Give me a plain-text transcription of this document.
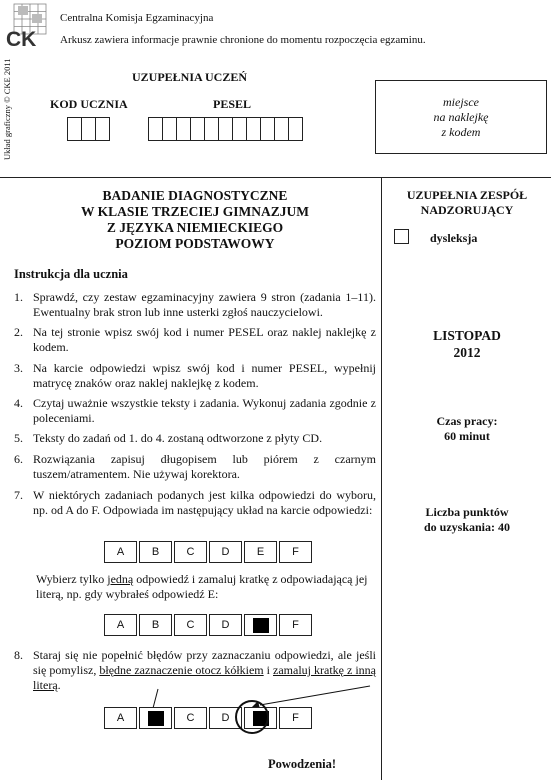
CK
Centralna Komisja Egzaminacyjna
Arkusz zawiera informacje prawnie chronione do momentu rozpoczęcia egzaminu.
Układ graficzny © CKE 2011	UZUPEŁNIA UCZEŃ
KOD UCZNIA	PESEL	miejsce
na naklejkę
z kodem
BADANIE DIAGNOSTYCZNE
W KLASIE TRZECIEJ GIMNAZJUM
Z JĘZYKA NIEMIECKIEGO
POZIOM PODSTAWOWY
UZUPEŁNIA ZESPÓŁ
NADZORUJĄCY
dysleksja
LISTOPAD
2012
Czas pracy:
60 minut
Liczba punktów
do uzyskania: 40
Instrukcja dla ucznia
1. Sprawdź, czy zestaw egzaminacyjny zawiera 9 stron (zadania 1–11). Ewentualny brak stron lub inne usterki zgłoś nauczycielowi.
2. Na tej stronie wpisz swój kod i numer PESEL oraz naklej naklejkę z kodem.
3. Na karcie odpowiedzi wpisz swój kod i numer PESEL, wypełnij matrycę znaków oraz naklej naklejkę z kodem.
4. Czytaj uważnie wszystkie teksty i zadania. Wykonuj zadania zgodnie z poleceniami.
5. Teksty do zadań od 1. do 4. zostaną odtworzone z płyty CD.
6. Rozwiązania zapisuj długopisem lub piórem z czarnym tuszem/atramentem. Nie używaj korektora.
7. W niektórych zadaniach podanych jest kilka odpowiedzi do wyboru, np. od A do F. Odpowiada im następujący układ na karcie odpowiedzi:
A	B	C	D	E	F
Wybierz tylko jedną odpowiedź i zamaluj kratkę z odpowiadającą jej literą, np. gdy wybrałeś odpowiedź E:
A	B	C	D	F
8. Staraj się nie popełnić błędów przy zaznaczaniu odpowiedzi, ale jeśli się pomylisz, błędne zaznaczenie otocz kółkiem i zamaluj kratkę z inną literą.
A	C	D	F
Powodzenia!
